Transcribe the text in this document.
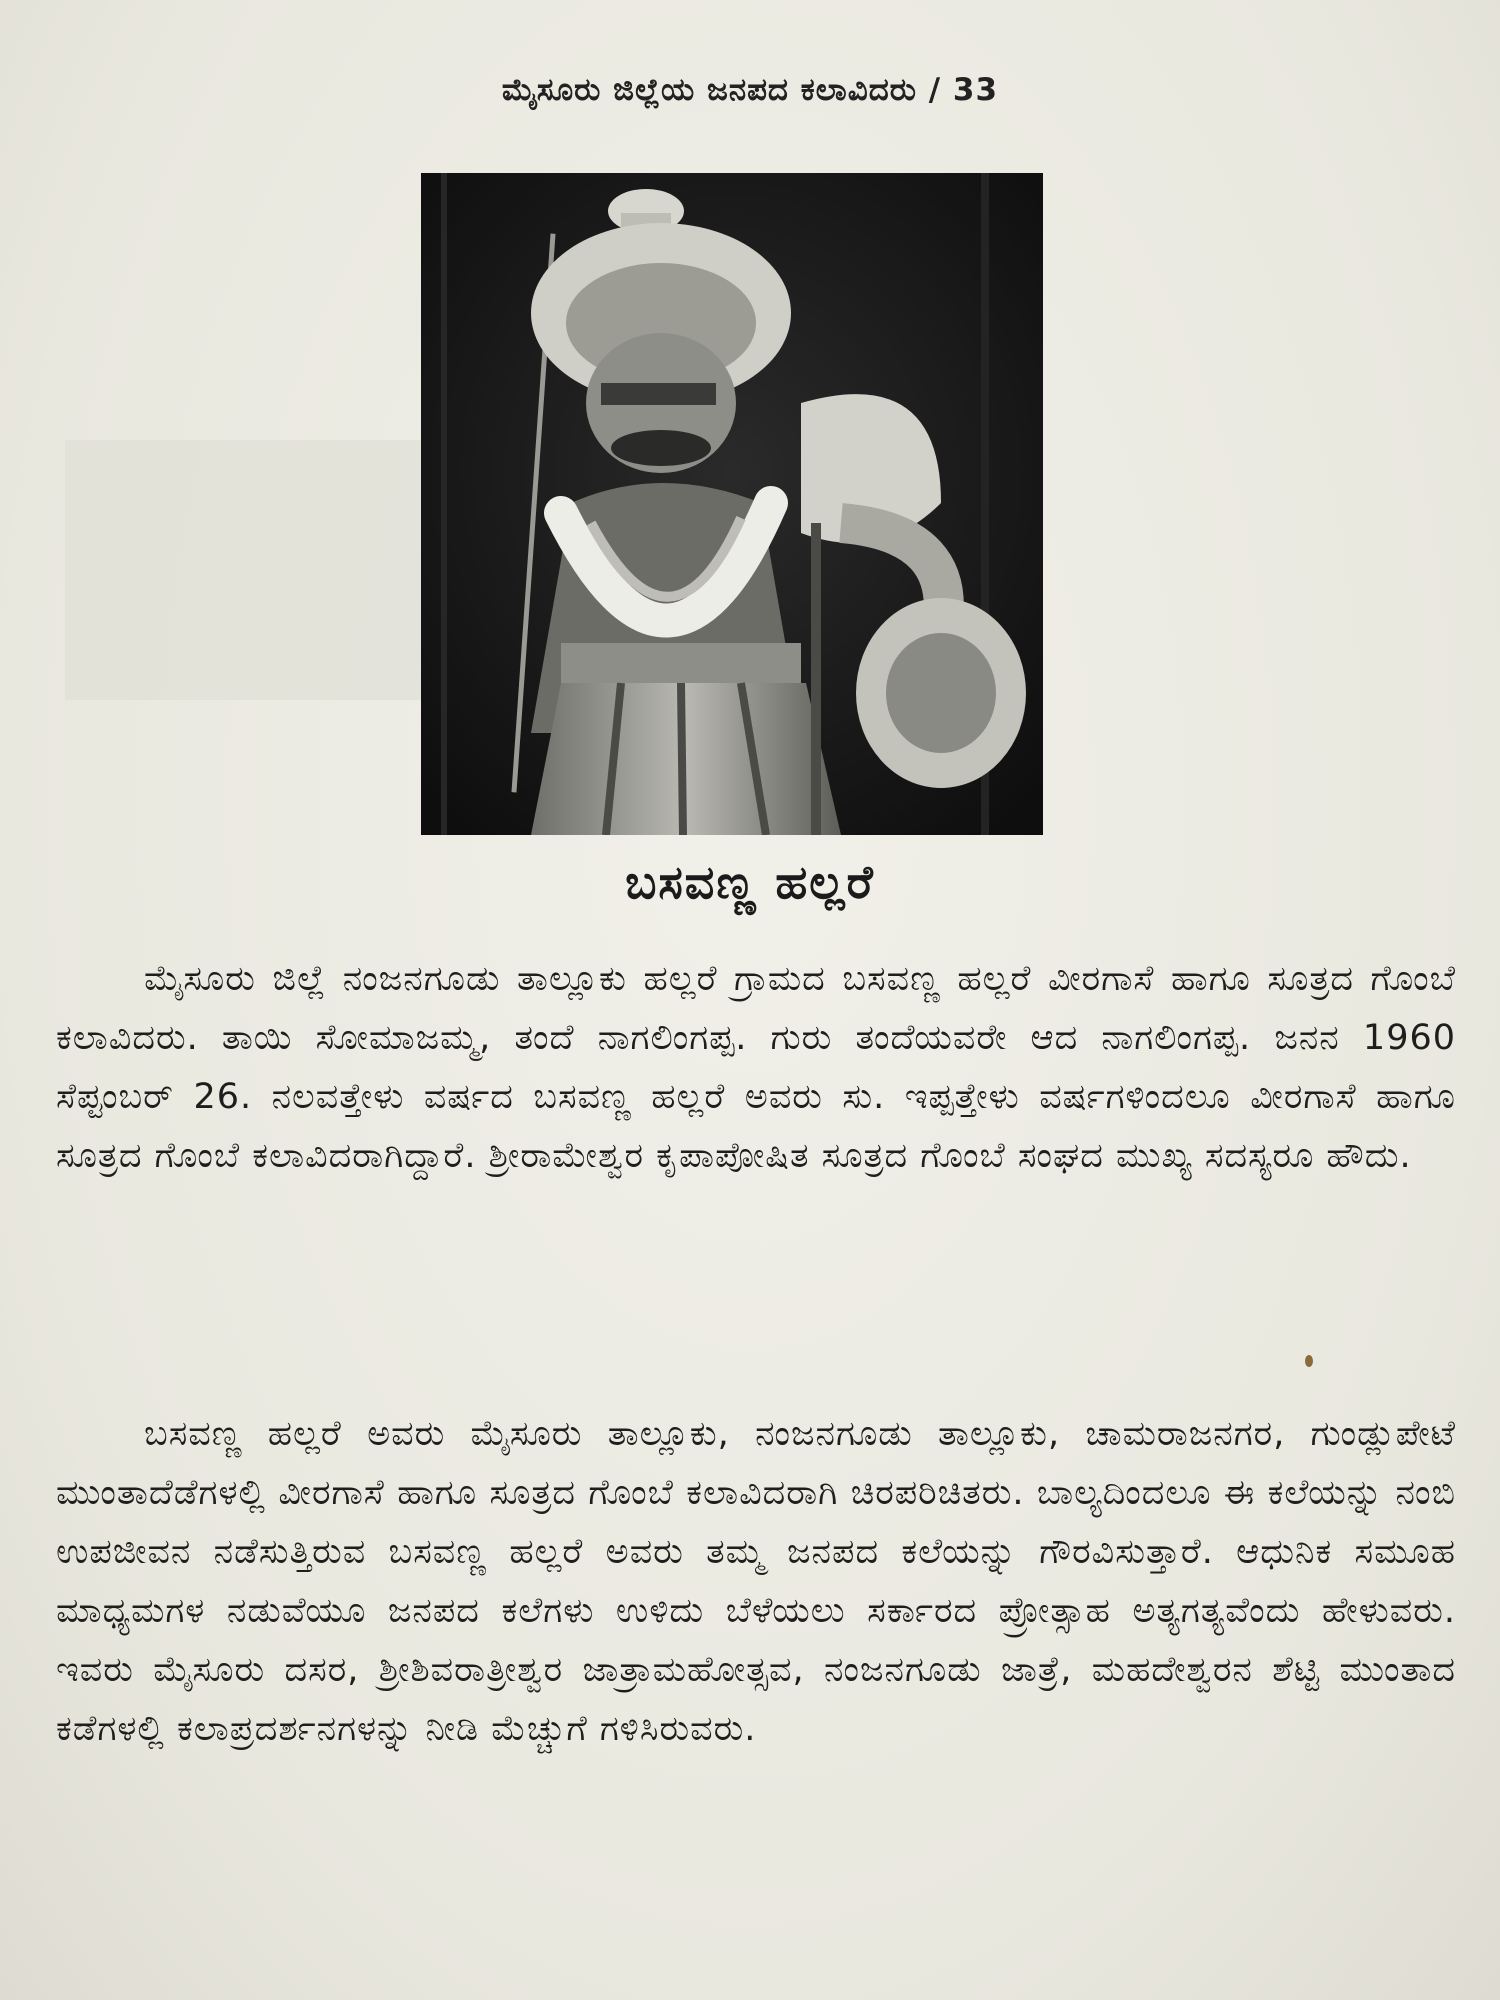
ಮೈಸೂರು ಜಿಲ್ಲೆಯ ಜನಪದ ಕಲಾವಿದರು / 33
ಬಸವಣ್ಣ ಹಲ್ಲರೆ

ಮೈಸೂರು ಜಿಲ್ಲೆ ನಂಜನಗೂಡು ತಾಲ್ಲೂಕು ಹಲ್ಲರೆ ಗ್ರಾಮದ ಬಸವಣ್ಣ ಹಲ್ಲರೆ ವೀರಗಾಸೆ ಹಾಗೂ ಸೂತ್ರದ ಗೊಂಬೆ ಕಲಾವಿದರು. ತಾಯಿ ಸೋಮಾಜಮ್ಮ, ತಂದೆ ನಾಗಲಿಂಗಪ್ಪ. ಗುರು ತಂದೆಯವರೇ ಆದ ನಾಗಲಿಂಗಪ್ಪ. ಜನನ 1960 ಸೆಪ್ಟಂಬರ್ 26. ನಲವತ್ತೇಳು ವರ್ಷದ ಬಸವಣ್ಣ ಹಲ್ಲರೆ ಅವರು ಸು. ಇಪ್ಪತ್ತೇಳು ವರ್ಷಗಳಿಂದಲೂ ವೀರಗಾಸೆ ಹಾಗೂ ಸೂತ್ರದ ಗೊಂಬೆ ಕಲಾವಿದರಾಗಿದ್ದಾರೆ. ಶ್ರೀರಾಮೇಶ್ವರ ಕೃಪಾಪೋಷಿತ ಸೂತ್ರದ ಗೊಂಬೆ ಸಂಘದ ಮುಖ್ಯ ಸದಸ್ಯರೂ ಹೌದು.

ಬಸವಣ್ಣ ಹಲ್ಲರೆ ಅವರು ಮೈಸೂರು ತಾಲ್ಲೂಕು, ನಂಜನಗೂಡು ತಾಲ್ಲೂಕು, ಚಾಮರಾಜನಗರ, ಗುಂಡ್ಲುಪೇಟೆ ಮುಂತಾದೆಡೆಗಳಲ್ಲಿ ವೀರಗಾಸೆ ಹಾಗೂ ಸೂತ್ರದ ಗೊಂಬೆ ಕಲಾವಿದರಾಗಿ ಚಿರಪರಿಚಿತರು. ಬಾಲ್ಯದಿಂದಲೂ ಈ ಕಲೆಯನ್ನು ನಂಬಿ ಉಪಜೀವನ ನಡೆಸುತ್ತಿರುವ ಬಸವಣ್ಣ ಹಲ್ಲರೆ ಅವರು ತಮ್ಮ ಜನಪದ ಕಲೆಯನ್ನು ಗೌರವಿಸುತ್ತಾರೆ. ಆಧುನಿಕ ಸಮೂಹ ಮಾಧ್ಯಮಗಳ ನಡುವೆಯೂ ಜನಪದ ಕಲೆಗಳು ಉಳಿದು ಬೆಳೆಯಲು ಸರ್ಕಾರದ ಪ್ರೋತ್ಸಾಹ ಅತ್ಯಗತ್ಯವೆಂದು ಹೇಳುವರು. ಇವರು ಮೈಸೂರು ದಸರ, ಶ್ರೀಶಿವರಾತ್ರೀಶ್ವರ ಜಾತ್ರಾಮಹೋತ್ಸವ, ನಂಜನಗೂಡು ಜಾತ್ರೆ, ಮಹದೇಶ್ವರನ ಶೆಟ್ಟಿ ಮುಂತಾದ ಕಡೆಗಳಲ್ಲಿ ಕಲಾಪ್ರದರ್ಶನಗಳನ್ನು ನೀಡಿ ಮೆಚ್ಚುಗೆ ಗಳಿಸಿರುವರು.
